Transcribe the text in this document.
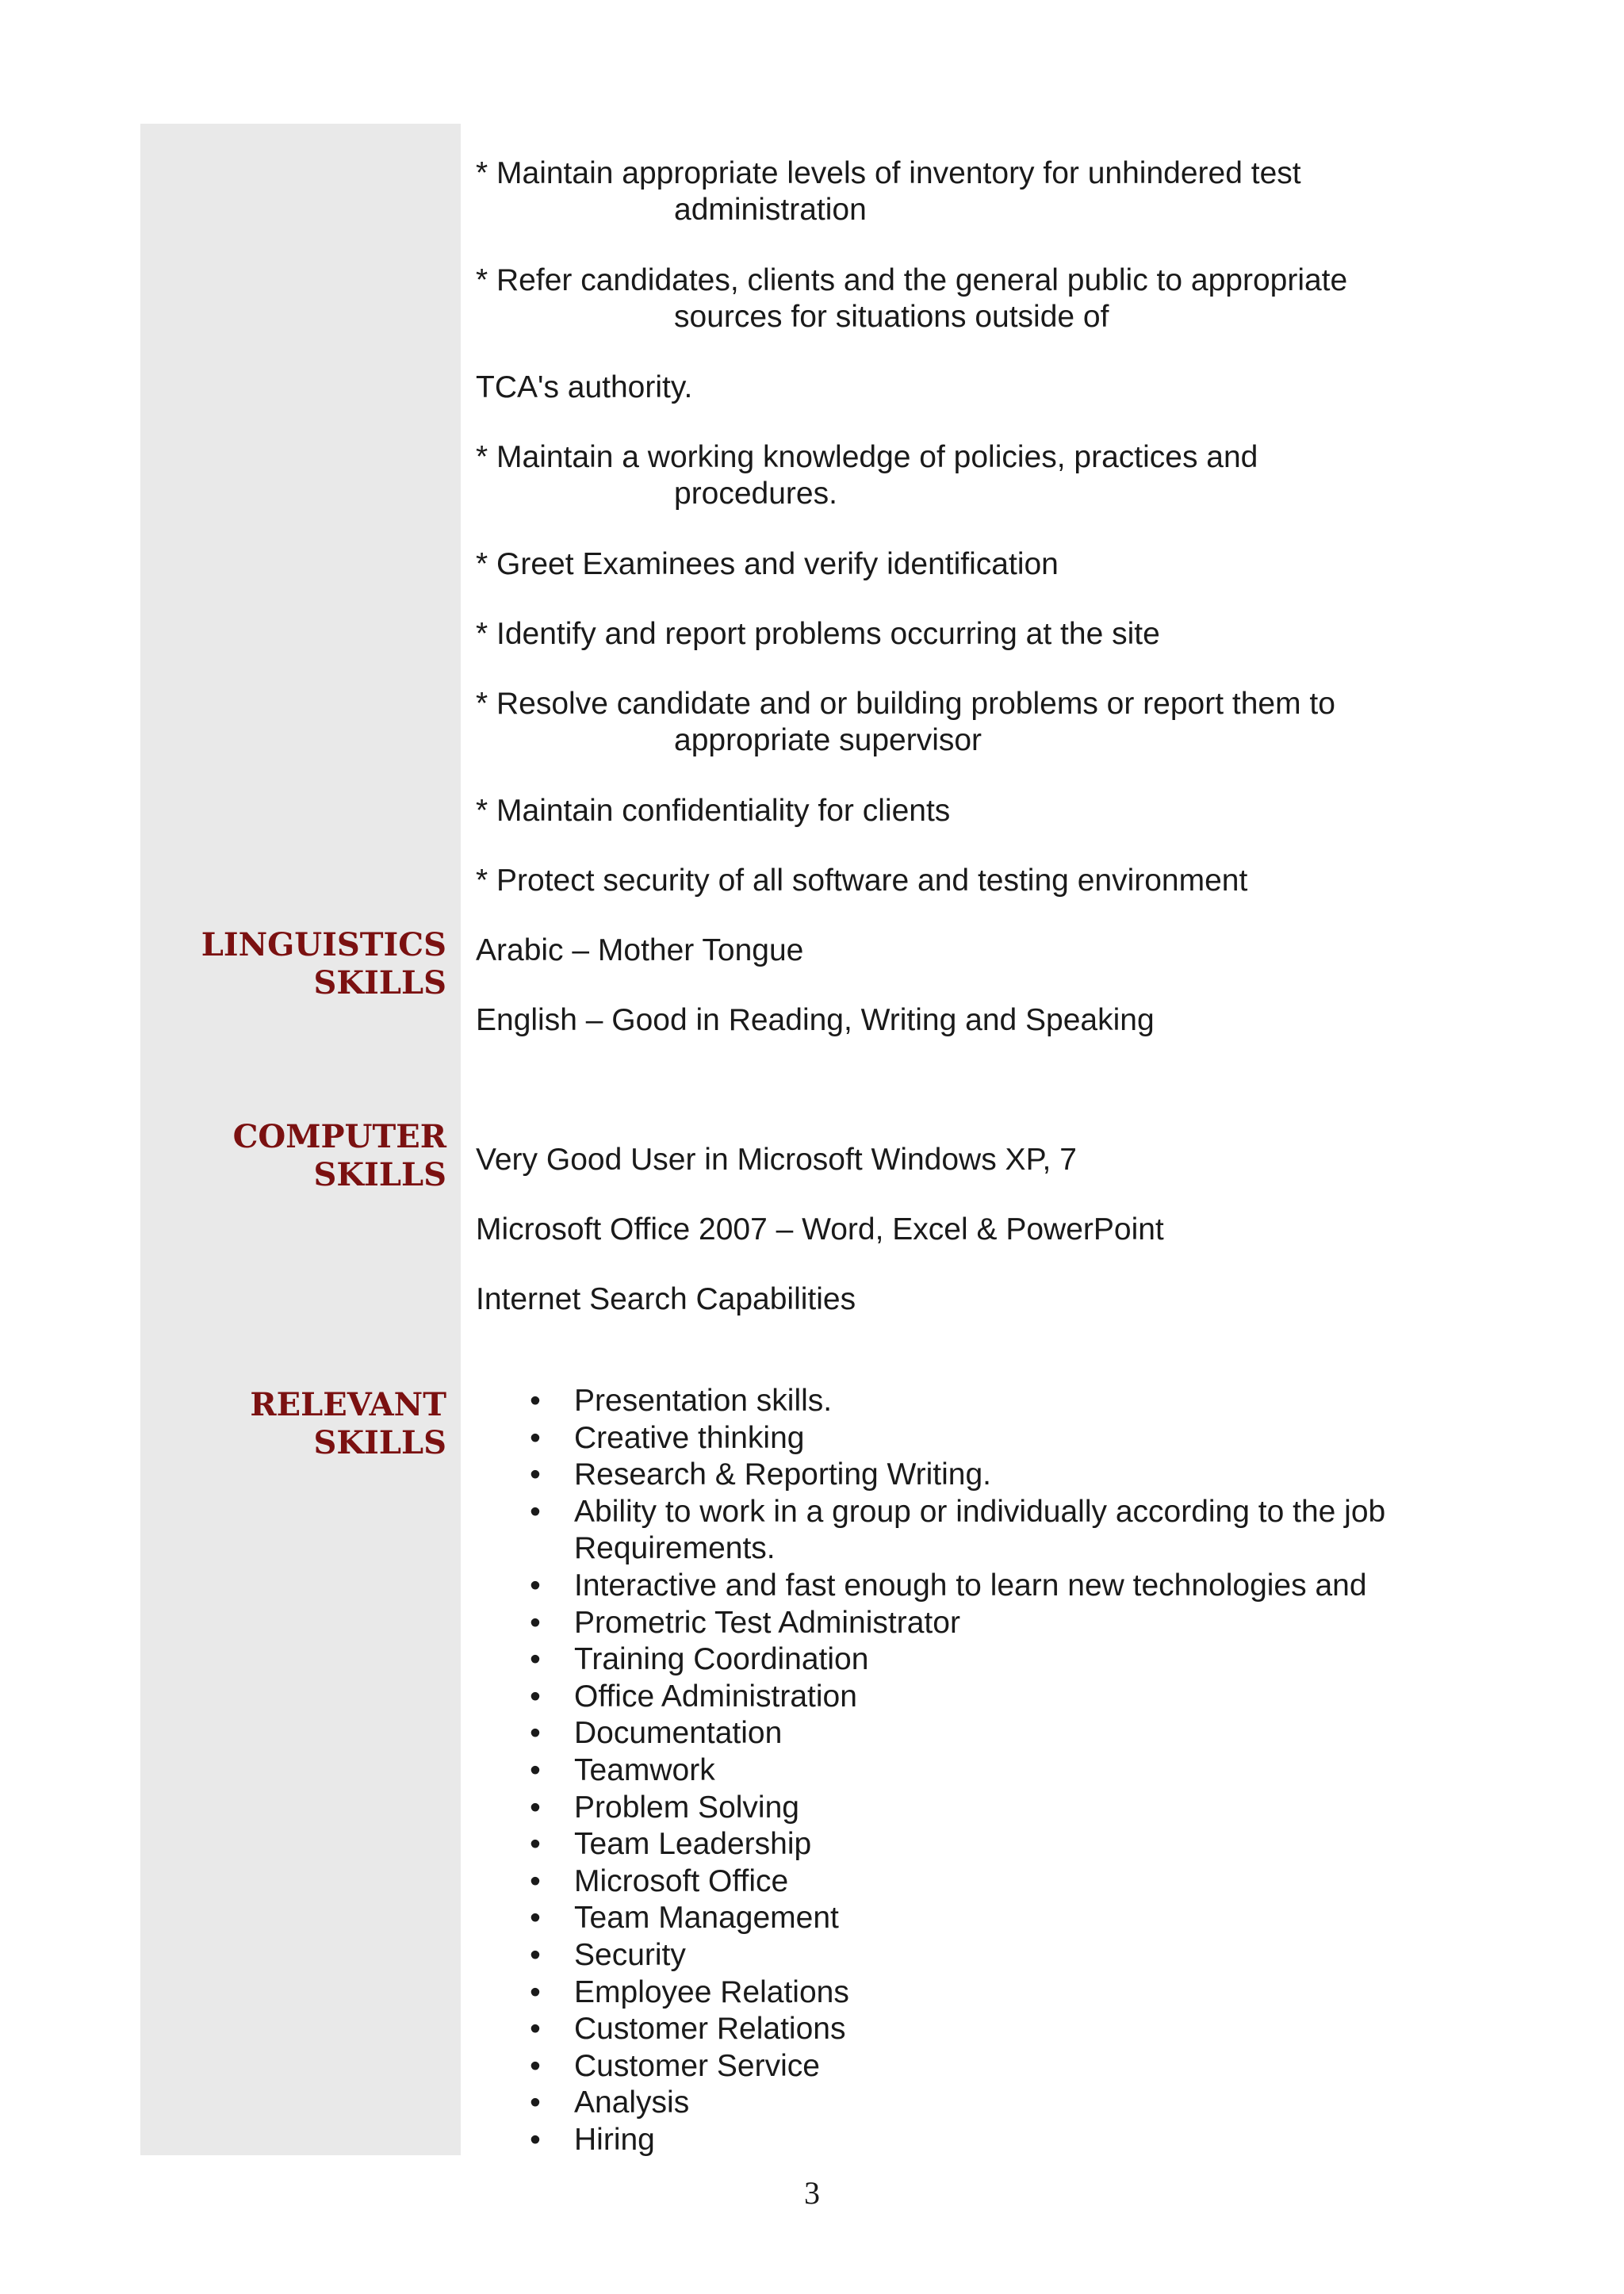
* Maintain appropriate levels of inventory for unhindered test
administration

* Refer candidates, clients and the general public to appropriate
sources for situations outside of

TCA's authority.

* Maintain a working knowledge of policies, practices and
procedures.

* Greet Examinees and verify identification

* Identify and report problems occurring at the site

* Resolve candidate and or building problems or report them to
appropriate supervisor

* Maintain confidentiality for clients

* Protect security of all software and testing environment

LINGUISTICS
SKILLS

Arabic – Mother Tongue

English – Good in Reading, Writing and Speaking

COMPUTER
SKILLS Very Good User in Microsoft Windows XP, 7

Microsoft Office 2007 – Word, Excel & PowerPoint

Internet Search Capabilities

RELEVANT
SKILLS
• Presentation skills.
• Creative thinking
• Research & Reporting Writing.
• Ability to work in a group or individually according to the job Requirements.
• Interactive and fast enough to learn new technologies and
• Prometric Test Administrator
• Training Coordination
• Office Administration
• Documentation
• Teamwork
• Problem Solving
• Team Leadership
• Microsoft Office
• Team Management
• Security
• Employee Relations
• Customer Relations
• Customer Service
• Analysis
• Hiring
3
